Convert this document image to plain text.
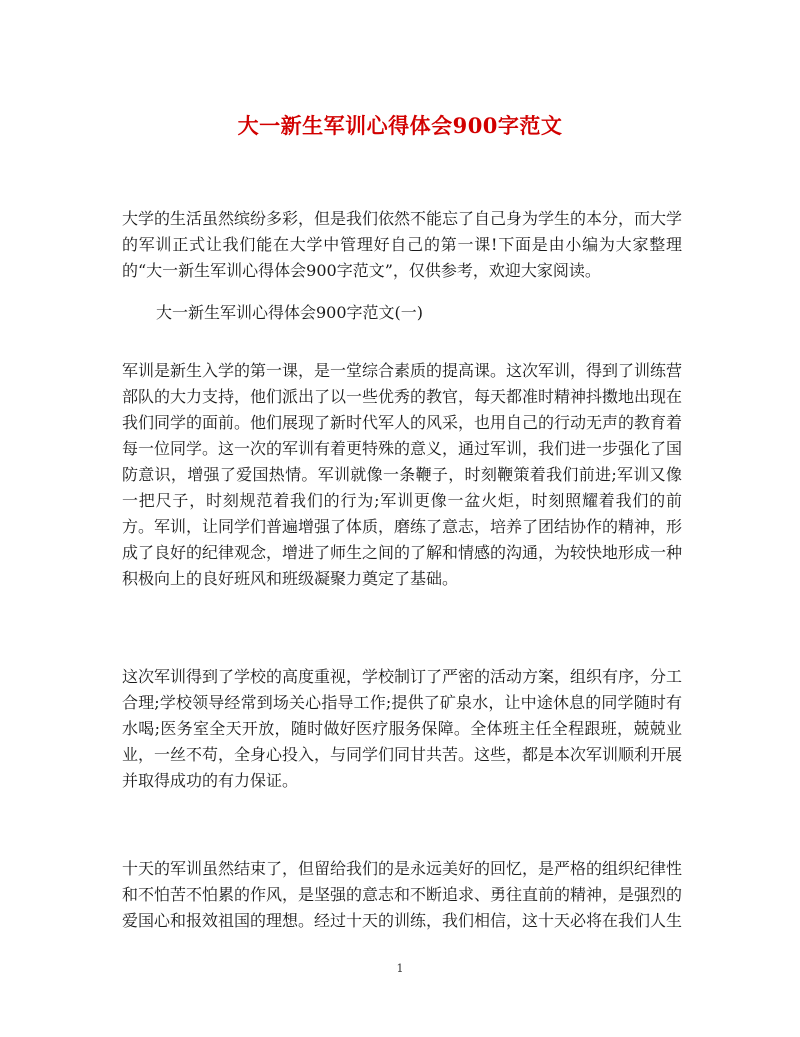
大一新生军训心得体会900字范文
大学的生活虽然缤纷多彩，但是我们依然不能忘了自己身为学生的本分，而大学的军训正式让我们能在大学中管理好自己的第一课!下面是由小编为大家整理的“大一新生军训心得体会900字范文”，仅供参考，欢迎大家阅读。
大一新生军训心得体会900字范文(一)
军训是新生入学的第一课，是一堂综合素质的提高课。这次军训，得到了训练营部队的大力支持，他们派出了以一些优秀的教官，每天都准时精神抖擞地出现在我们同学的面前。他们展现了新时代军人的风采，也用自己的行动无声的教育着每一位同学。这一次的军训有着更特殊的意义，通过军训，我们进一步强化了国防意识，增强了爱国热情。军训就像一条鞭子，时刻鞭策着我们前进;军训又像一把尺子，时刻规范着我们的行为;军训更像一盆火炬，时刻照耀着我们的前方。军训，让同学们普遍增强了体质，磨练了意志，培养了团结协作的精神，形成了良好的纪律观念，增进了师生之间的了解和情感的沟通，为较快地形成一种积极向上的良好班风和班级凝聚力奠定了基础。
这次军训得到了学校的高度重视，学校制订了严密的活动方案，组织有序，分工合理;学校领导经常到场关心指导工作;提供了矿泉水，让中途休息的同学随时有水喝;医务室全天开放，随时做好医疗服务保障。全体班主任全程跟班，兢兢业业，一丝不苟，全身心投入，与同学们同甘共苦。这些，都是本次军训顺利开展并取得成功的有力保证。
十天的军训虽然结束了，但留给我们的是永远美好的回忆，是严格的组织纪律性和不怕苦不怕累的作风，是坚强的意志和不断追求、勇往直前的精神，是强烈的爱国心和报效祖国的理想。经过十天的训练，我们相信，这十天必将在我们人生
1
